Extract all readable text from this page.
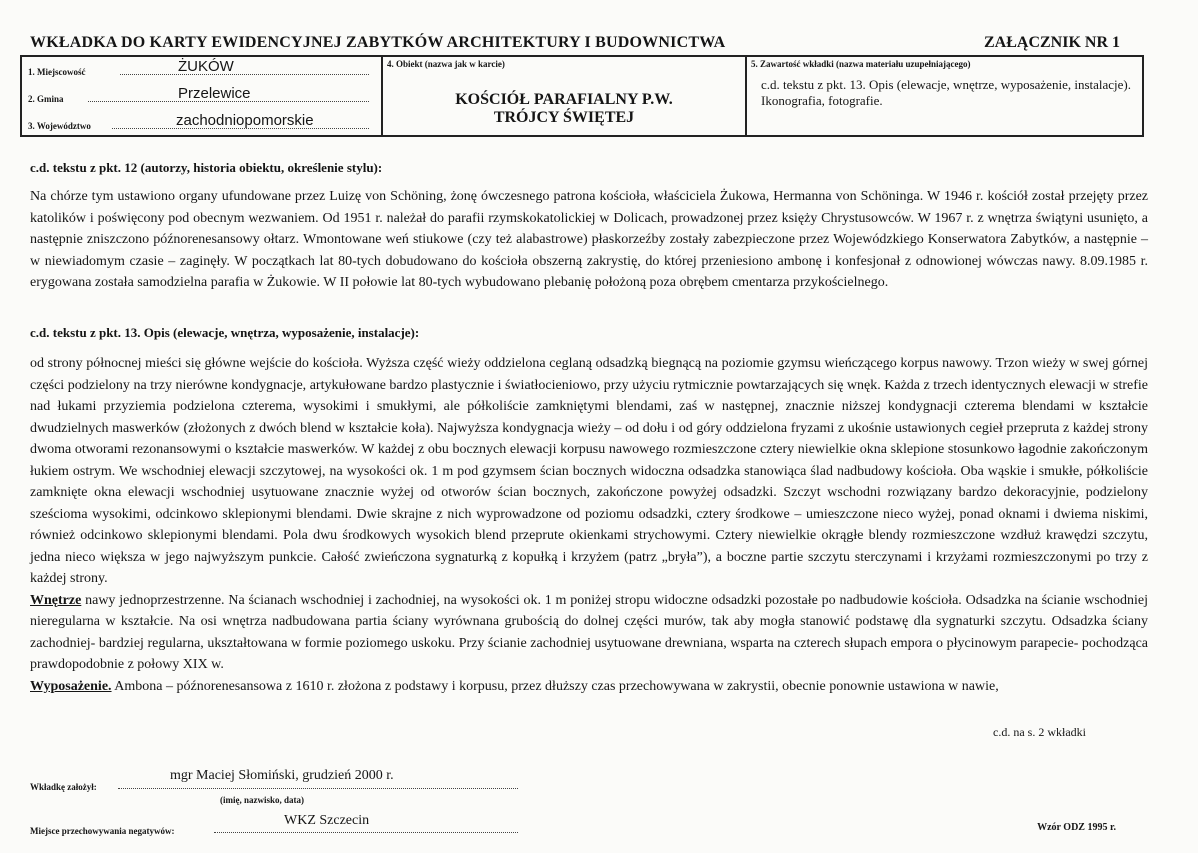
WKŁADKA DO KARTY EWIDENCYJNEJ ZABYTKÓW ARCHITEKTURY I BUDOWNICTWA	ZAŁĄCZNIK NR 1
1. Miejscowość	ŻUKÓW
2. Gmina	Przelewice
3. Województwo	zachodniopomorskie
4. Obiekt (nazwa jak w karcie)
KOŚCIÓŁ PARAFIALNY P.W.
TRÓJCY ŚWIĘTEJ
5. Zawartość wkładki (nazwa materiału uzupełniającego)
c.d. tekstu z pkt. 13. Opis (elewacje, wnętrze, wyposażenie, instalacje). Ikonografia, fotografie.
c.d. tekstu z pkt. 12 (autorzy, historia obiektu, określenie stylu):
Na chórze tym ustawiono organy ufundowane przez Luizę von Schöning, żonę ówczesnego patrona kościoła, właściciela Żukowa, Hermanna von Schöninga. W 1946 r. kościół został przejęty przez katolików i poświęcony pod obecnym wezwaniem. Od 1951 r. należał do parafii rzymskokatolickiej w Dolicach, prowadzonej przez księży Chrystusowców. W 1967 r. z wnętrza świątyni usunięto, a następnie zniszczono późnorenesansowy ołtarz. Wmontowane weń stiukowe (czy też alabastrowe) płaskorzeźby zostały zabezpieczone przez Wojewódzkiego Konserwatora Zabytków, a następnie – w niewiadomym czasie – zaginęły. W początkach lat 80-tych dobudowano do kościoła obszerną zakrystię, do której przeniesiono ambonę i konfesjonał z odnowionej wówczas nawy. 8.09.1985 r. erygowana została samodzielna parafia w Żukowie. W II połowie lat 80-tych wybudowano plebanię położoną poza obrębem cmentarza przykościelnego.
c.d. tekstu z pkt. 13. Opis (elewacje, wnętrza, wyposażenie, instalacje):

od strony północnej mieści się główne wejście do kościoła. Wyższa część wieży oddzielona ceglaną odsadzką biegnącą na poziomie gzymsu wieńczącego korpus nawowy. Trzon wieży w swej górnej części podzielony na trzy nierówne kondygnacje, artykułowane bardzo plastycznie i światłocieniowo, przy użyciu rytmicznie powtarzających się wnęk. Każda z trzech identycznych elewacji w strefie nad łukami przyziemia podzielona czterema, wysokimi i smukłymi, ale półkoliście zamkniętymi blendami, zaś w następnej, znacznie niższej kondygnacji czterema blendami w kształcie dwudzielnych maswerków (złożonych z dwóch blend w kształcie koła). Najwyższa kondygnacja wieży – od dołu i od góry oddzielona fryzami z ukośnie ustawionych cegieł przeprutа z każdej strony dwoma otworami rezonansowymi o kształcie maswerków. W każdej z obu bocznych elewacji korpusu nawowego rozmieszczone cztery niewielkie okna sklepione stosunkowo łagodnie zakończonym łukiem ostrym. We wschodniej elewacji szczytowej, na wysokości ok. 1 m pod gzymsem ścian bocznych widoczna odsadzka stanowiąca ślad nadbudowy kościoła. Oba wąskie i smukłe, półkoliście zamknięte okna elewacji wschodniej usytuowane znacznie wyżej od otworów ścian bocznych, zakończone powyżej odsadzki. Szczyt wschodni rozwiązany bardzo dekoracyjnie, podzielony sześcioma wysokimi, odcinkowo sklepionymi blendami. Dwie skrajne z nich wyprowadzone od poziomu odsadzki, cztery środkowe – umieszczone nieco wyżej, ponad oknami i dwiema niskimi, również odcinkowo sklepionymi blendami. Pola dwu środkowych wysokich blend przeprute okienkami strychowymi. Cztery niewielkie okrągłe blendy rozmieszczone wzdłuż krawędzi szczytu, jedna nieco większa w jego najwyższym punkcie. Całość zwieńczona sygnaturką z kopułką i krzyżem (patrz „bryła”), a boczne partie szczytu sterczynami i krzyżami rozmieszczonymi po trzy z każdej strony.

Wnętrze nawy jednoprzestrzenne. Na ścianach wschodniej i zachodniej, na wysokości ok. 1 m poniżej stropu widoczne odsadzki pozostałe po nadbudowie kościoła. Odsadzka na ścianie wschodniej nieregularna w kształcie. Na osi wnętrza nadbudowana partia ściany wyrównana grubością do dolnej części murów, tak aby mogła stanowić podstawę dla sygnaturki szczytu. Odsadzka ściany zachodniej- bardziej regularna, ukształtowana w formie poziomego uskoku. Przy ścianie zachodniej usytuowane drewniana, wsparta na czterech słupach empora o płycinowym parapecie- pochodząca prawdopodobnie z połowy XIX w.

Wyposażenie. Ambona – późnorenesansowa z 1610 r. złożona z podstawy i korpusu, przez dłuższy czas przechowywana w zakrystii, obecnie ponownie ustawiona w nawie,

c.d. na s. 2 wkładki
Wkładkę założył:
mgr Maciej Słomiński, grudzień 2000 r.
(imię, nazwisko, data)
Miejsce przechowywania negatywów:
WKZ Szczecin	Wzór ODZ 1995 r.
